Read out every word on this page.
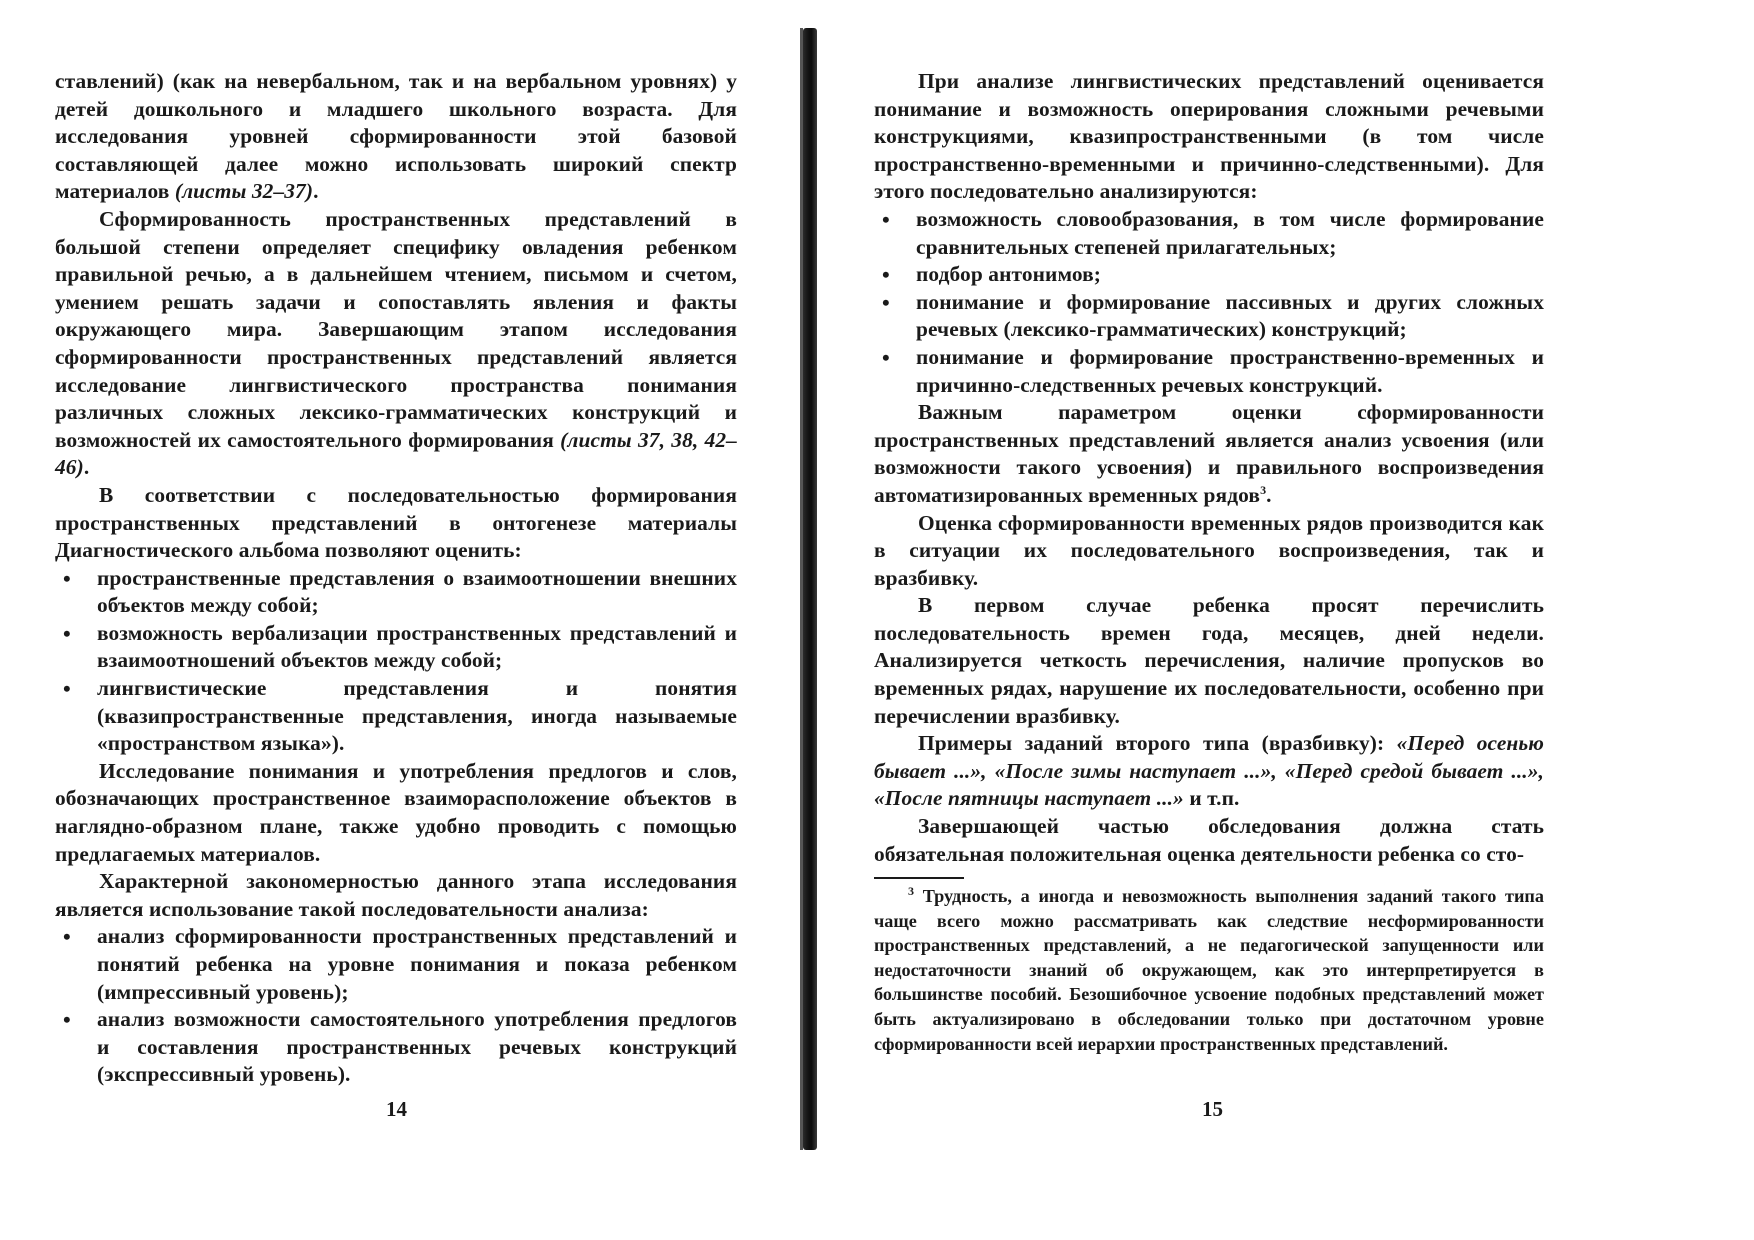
ставлений) (как на невербальном, так и на вербальном уровнях) у детей дошкольного и младшего школьного возраста. Для исследования уровней сформированности этой базовой составляющей далее можно использовать широкий спектр материалов (листы 32–37).

Сформированность пространственных представлений в большой степени определяет специфику овладения ребенком правильной речью, а в дальнейшем чтением, письмом и счетом, умением решать задачи и сопоставлять явления и факты окружающего мира. Завершающим этапом исследования сформированности пространственных представлений является исследование лингвистического пространства понимания различных сложных лексико-грамматических конструкций и возможностей их самостоятельного формирования (листы 37, 38, 42–46).

В соответствии с последовательностью формирования пространственных представлений в онтогенезе материалы Диагностического альбома позволяют оценить:

• пространственные представления о взаимоотношении внешних объектов между собой;
• возможность вербализации пространственных представлений и взаимоотношений объектов между собой;
• лингвистические представления и понятия (квазипространственные представления, иногда называемые «пространством языка»).

Исследование понимания и употребления предлогов и слов, обозначающих пространственное взаиморасположение объектов в наглядно-образном плане, также удобно проводить с помощью предлагаемых материалов.

Характерной закономерностью данного этапа исследования является использование такой последовательности анализа:

• анализ сформированности пространственных представлений и понятий ребенка на уровне понимания и показа ребенком (импрессивный уровень);
• анализ возможности самостоятельного употребления предлогов и составления пространственных речевых конструкций (экспрессивный уровень).
14

При анализе лингвистических представлений оценивается понимание и возможность оперирования сложными речевыми конструкциями, квазипространственными (в том числе пространственно-временными и причинно-следственными). Для этого последовательно анализируются:

• возможность словообразования, в том числе формирование сравнительных степеней прилагательных;
• подбор антонимов;
• понимание и формирование пассивных и других сложных речевых (лексико-грамматических) конструкций;
• понимание и формирование пространственно-временных и причинно-следственных речевых конструкций.

Важным параметром оценки сформированности пространственных представлений является анализ усвоения (или возможности такого усвоения) и правильного воспроизведения автоматизированных временных рядов$^3$.

Оценка сформированности временных рядов производится как в ситуации их последовательного воспроизведения, так и вразбивку.

В первом случае ребенка просят перечислить последовательность времен года, месяцев, дней недели. Анализируется четкость перечисления, наличие пропусков во временных рядах, нарушение их последовательности, особенно при перечислении вразбивку.

Примеры заданий второго типа (вразбивку): «Перед осенью бывает ...», «После зимы наступает ...», «Перед средой бывает ...», «После пятницы наступает ...» и т.п.

Завершающей частью обследования должна стать обязательная положительная оценка деятельности ребенка со сто-

$^3$ Трудность, а иногда и невозможность выполнения заданий такого типа чаще всего можно рассматривать как следствие несформированности пространственных представлений, а не педагогической запущенности или недостаточности знаний об окружающем, как это интерпретируется в большинстве пособий. Безошибочное усвоение подобных представлений может быть актуализировано в обследовании только при достаточном уровне сформированности всей иерархии пространственных представлений.

15
